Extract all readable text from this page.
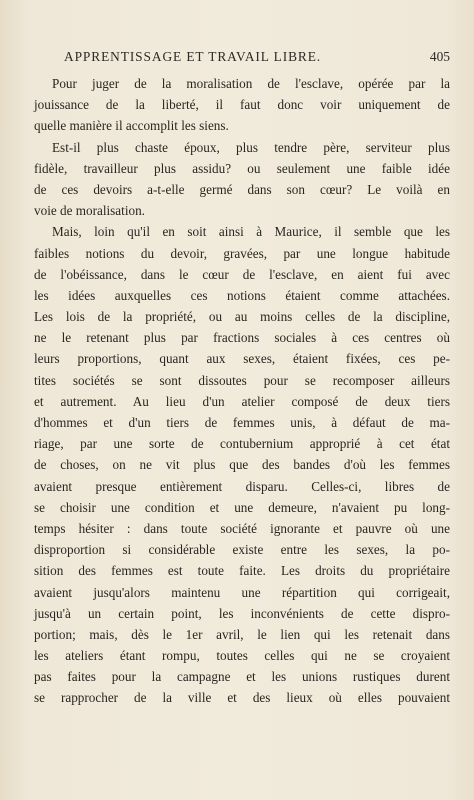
APPRENTISSAGE ET TRAVAIL LIBRE.	405
Pour juger de la moralisation de l'esclave, opérée par la
jouissance de la liberté, il faut donc voir uniquement de
quelle manière il accomplit les siens.
Est-il plus chaste époux, plus tendre père, serviteur plus
fidèle, travailleur plus assidu? ou seulement une faible idée
de ces devoirs a-t-elle germé dans son cœur? Le voilà en
voie de moralisation.
Mais, loin qu'il en soit ainsi à Maurice, il semble que les
faibles notions du devoir, gravées, par une longue habitude
de l'obéissance, dans le cœur de l'esclave, en aient fui avec
les idées auxquelles ces notions étaient comme attachées.
Les lois de la propriété, ou au moins celles de la discipline,
ne le retenant plus par fractions sociales à ces centres où
leurs proportions, quant aux sexes, étaient fixées, ces pe-
tites sociétés se sont dissoutes pour se recomposer ailleurs
et autrement. Au lieu d'un atelier composé de deux tiers
d'hommes et d'un tiers de femmes unis, à défaut de ma-
riage, par une sorte de contubernium approprié à cet état
de choses, on ne vit plus que des bandes d'où les femmes
avaient presque entièrement disparu. Celles-ci, libres de
se choisir une condition et une demeure, n'avaient pu long-
temps hésiter : dans toute société ignorante et pauvre où une
disproportion si considérable existe entre les sexes, la po-
sition des femmes est toute faite. Les droits du propriétaire
avaient jusqu'alors maintenu une répartition qui corrigeait,
jusqu'à un certain point, les inconvénients de cette dispro-
portion; mais, dès le 1er avril, le lien qui les retenait dans
les ateliers étant rompu, toutes celles qui ne se croyaient
pas faites pour la campagne et les unions rustiques durent
se rapprocher de la ville et des lieux où elles pouvaient
